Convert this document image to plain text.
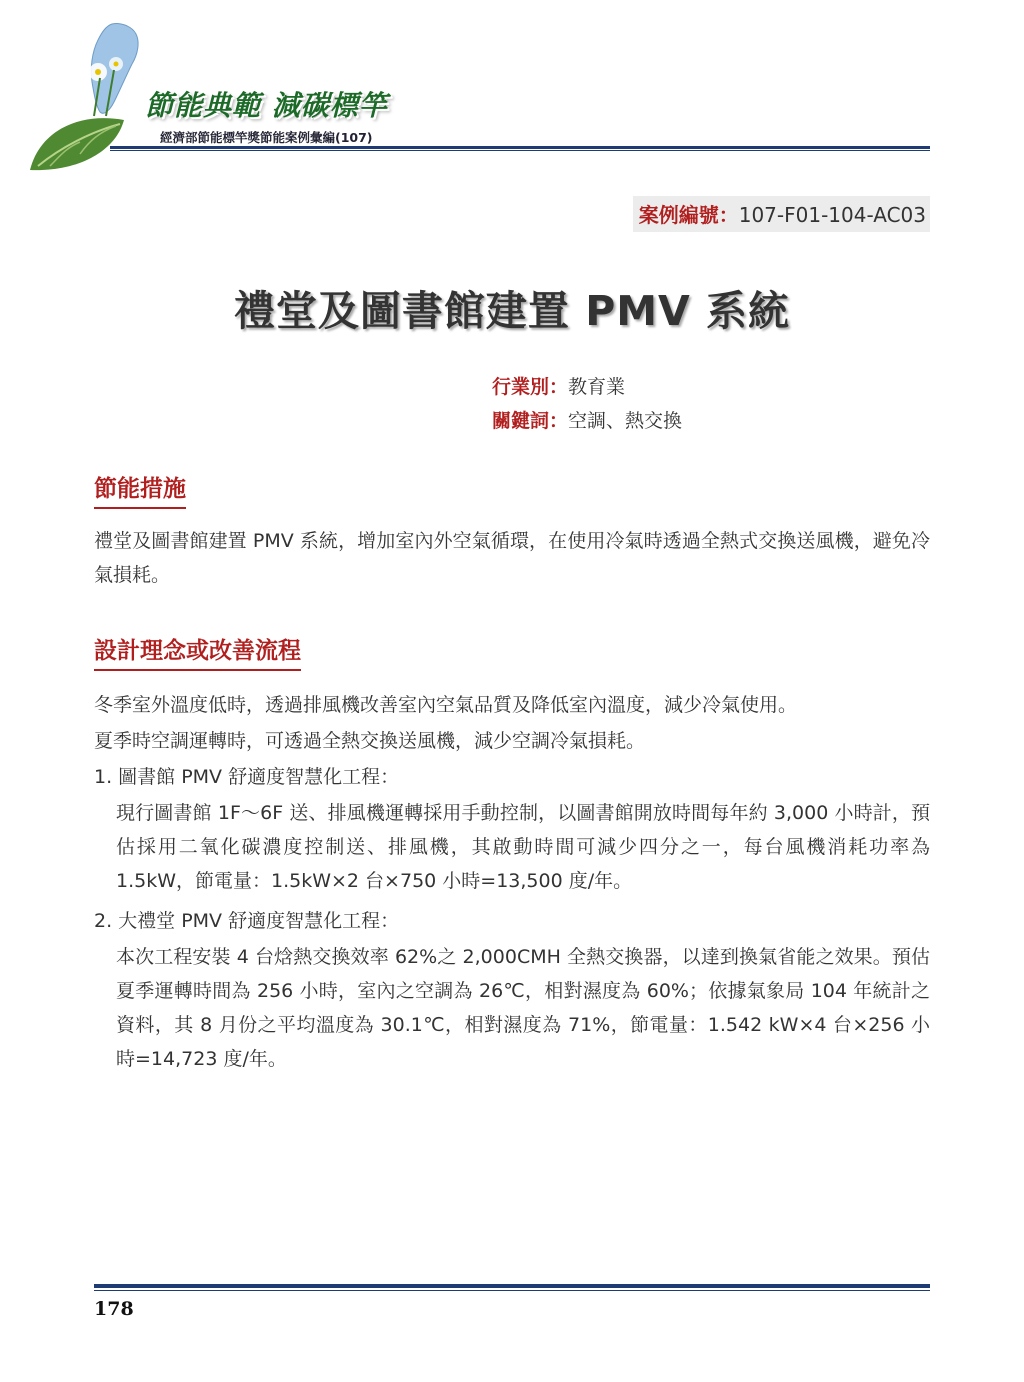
節能典範 減碳標竿
經濟部節能標竿獎節能案例彙編(107)
案例編號：107-F01-104-AC03
禮堂及圖書館建置 PMV 系統
行業別：教育業
關鍵詞：空調、熱交換
節能措施

禮堂及圖書館建置 PMV 系統，增加室內外空氣循環，在使用冷氣時透過全熱式交換送風機，避免冷氣損耗。

設計理念或改善流程

冬季室外溫度低時，透過排風機改善室內空氣品質及降低室內溫度，減少冷氣使用。

夏季時空調運轉時，可透過全熱交換送風機，減少空調冷氣損耗。

1. 圖書館 PMV 舒適度智慧化工程：

現行圖書館 1F～6F 送、排風機運轉採用手動控制，以圖書館開放時間每年約 3,000 小時計，預估採用二氧化碳濃度控制送、排風機，其啟動時間可減少四分之一，每台風機消耗功率為 1.5kW，節電量：1.5kW×2 台×750 小時=13,500 度/年。

2. 大禮堂 PMV 舒適度智慧化工程：

本次工程安裝 4 台焓熱交換效率 62%之 2,000CMH 全熱交換器，以達到換氣省能之效果。預估夏季運轉時間為 256 小時，室內之空調為 26℃，相對濕度為 60%；依據氣象局 104 年統計之資料，其 8 月份之平均溫度為 30.1℃，相對濕度為 71%，節電量：1.542 kW×4 台×256 小時=14,723 度/年。

178
